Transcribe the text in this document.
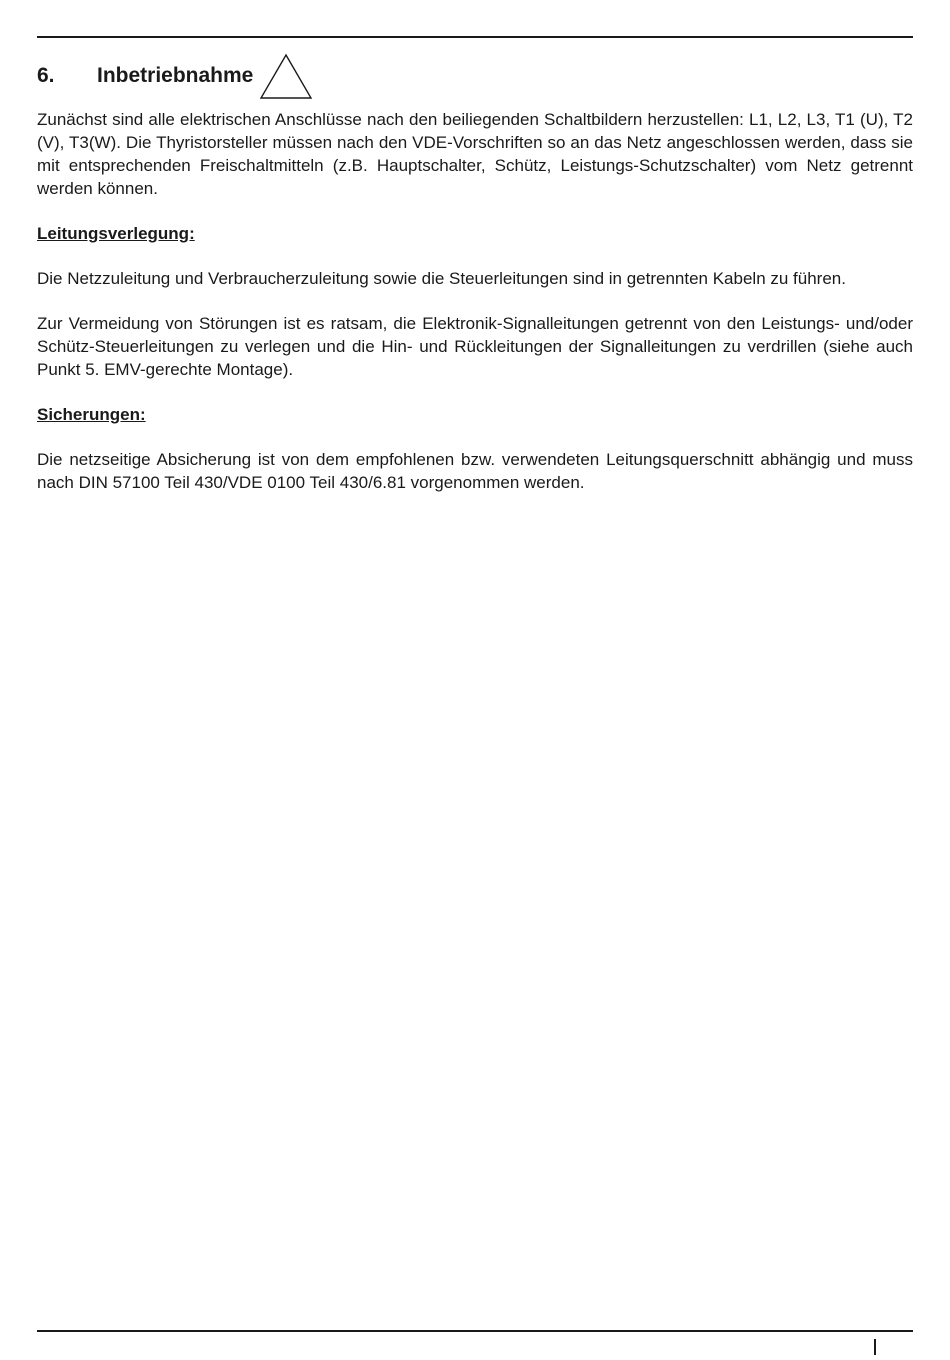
6.	Inbetriebnahme

Zunächst sind alle elektrischen Anschlüsse nach den beiliegenden Schaltbildern herzustellen: L1, L2, L3, T1 (U), T2 (V), T3(W). Die Thyristorsteller müssen nach den VDE-Vorschriften so an das Netz angeschlossen werden, dass sie mit entsprechenden Freischaltmitteln (z.B. Hauptschalter, Schütz, Leistungs-Schutzschalter) vom Netz getrennt werden können.

Leitungsverlegung:

Die Netzzuleitung und Verbraucherzuleitung sowie die Steuerleitungen sind in getrennten Kabeln zu führen.

Zur Vermeidung von Störungen ist es ratsam, die Elektronik-Signalleitungen getrennt von den Leistungs- und/oder Schütz-Steuerleitungen zu verlegen und die Hin- und Rückleitungen der Signalleitungen zu verdrillen (siehe auch Punkt 5. EMV-gerechte Montage).

Sicherungen:

Die netzseitige Absicherung ist von dem empfohlenen bzw. verwendeten Leitungsquerschnitt abhängig und muss nach DIN 57100 Teil 430/VDE 0100 Teil 430/6.81 vorgenommen werden.
